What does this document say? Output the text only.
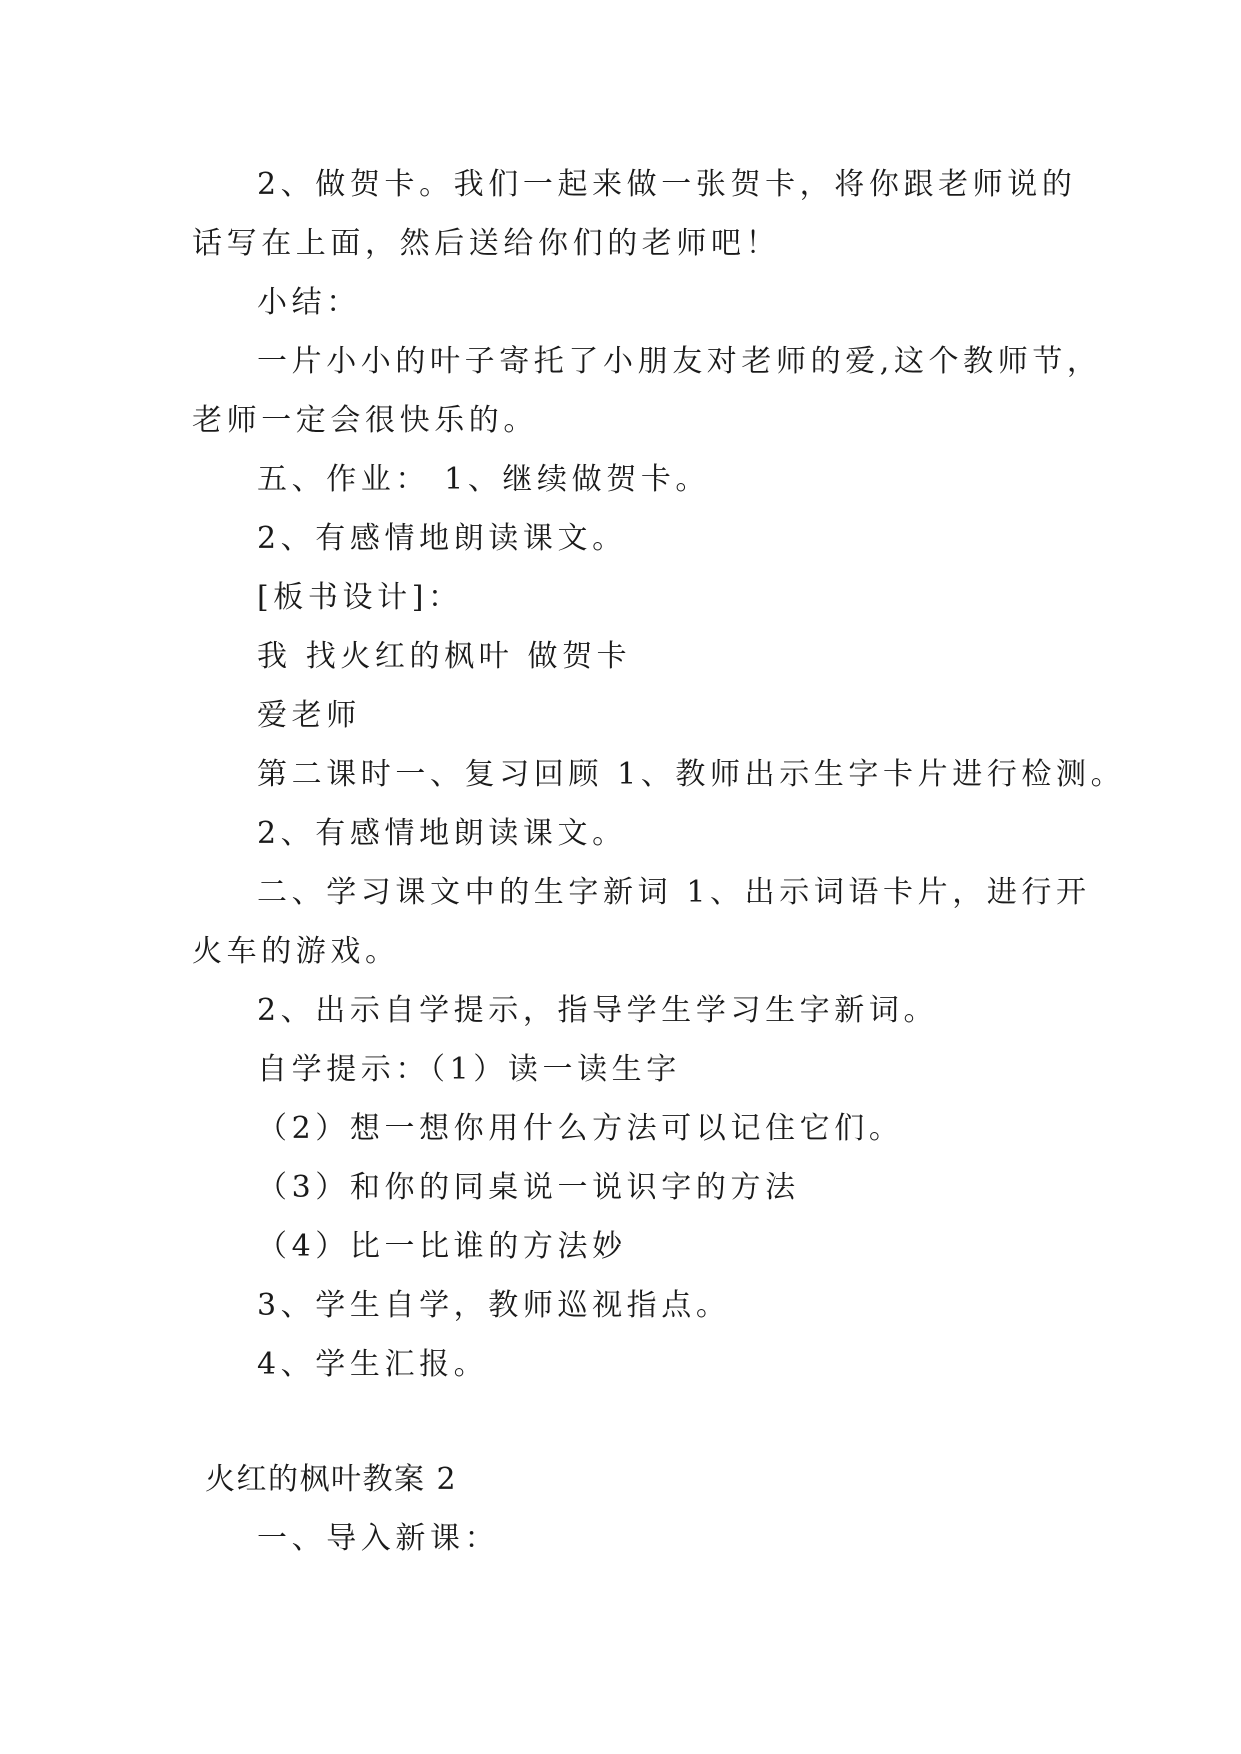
2、做贺卡。我们一起来做一张贺卡，将你跟老师说的
话写在上面，然后送给你们的老师吧！
小结：
一片小小的叶子寄托了小朋友对老师的爱,这个教师节，
老师一定会很快乐的。
五、作业： 1、继续做贺卡。
2、有感情地朗读课文。
[板书设计]：
我 找火红的枫叶 做贺卡
爱老师
第二课时一、复习回顾 1、教师出示生字卡片进行检测。
2、有感情地朗读课文。
二、学习课文中的生字新词 1、出示词语卡片，进行开
火车的游戏。
2、出示自学提示，指导学生学习生字新词。
自学提示：（1）读一读生字
（2）想一想你用什么方法可以记住它们。
（3）和你的同桌说一说识字的方法
（4）比一比谁的方法妙
3、学生自学，教师巡视指点。
4、学生汇报。
火红的枫叶教案 2
一、导入新课：
